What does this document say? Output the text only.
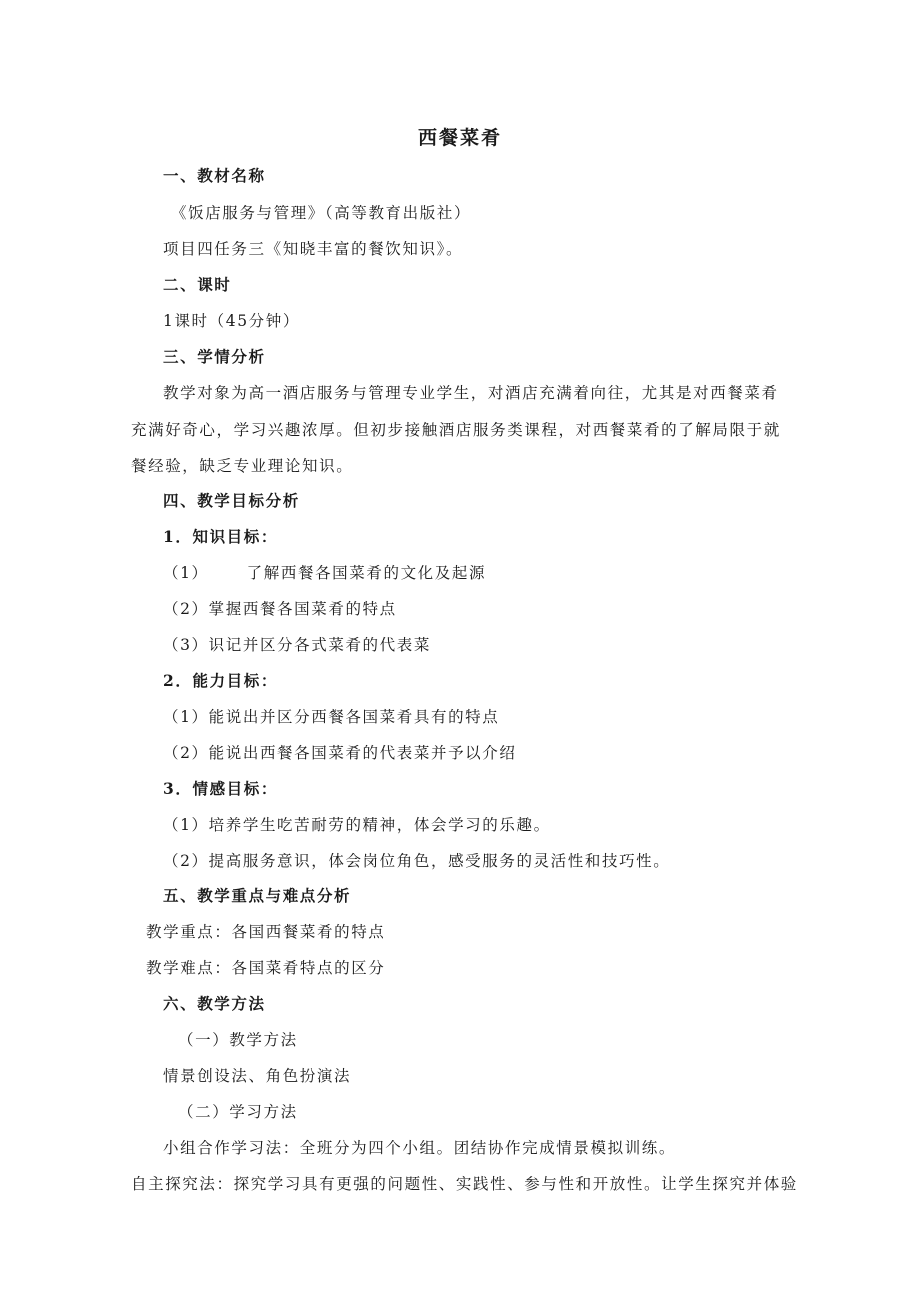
西餐菜肴
一、教材名称
《饭店服务与管理》（高等教育出版社）
项目四任务三《知晓丰富的餐饮知识》。
二、课时
1课时（45分钟）
三、学情分析
教学对象为高一酒店服务与管理专业学生，对酒店充满着向往，尤其是对西餐菜肴
充满好奇心，学习兴趣浓厚。但初步接触酒店服务类课程，对西餐菜肴的了解局限于就
餐经验，缺乏专业理论知识。
四、教学目标分析
1．知识目标：
（1） 了解西餐各国菜肴的文化及起源
（2）掌握西餐各国菜肴的特点
（3）识记并区分各式菜肴的代表菜
2．能力目标：
（1）能说出并区分西餐各国菜肴具有的特点
（2）能说出西餐各国菜肴的代表菜并予以介绍
3．情感目标：
（1）培养学生吃苦耐劳的精神，体会学习的乐趣。
（2）提高服务意识，体会岗位角色，感受服务的灵活性和技巧性。
五、教学重点与难点分析
教学重点：各国西餐菜肴的特点
教学难点：各国菜肴特点的区分
六、教学方法
（一）教学方法
情景创设法、角色扮演法
（二）学习方法
小组合作学习法：全班分为四个小组。团结协作完成情景模拟训练。
自主探究法：探究学习具有更强的问题性、实践性、参与性和开放性。让学生探究并体验
